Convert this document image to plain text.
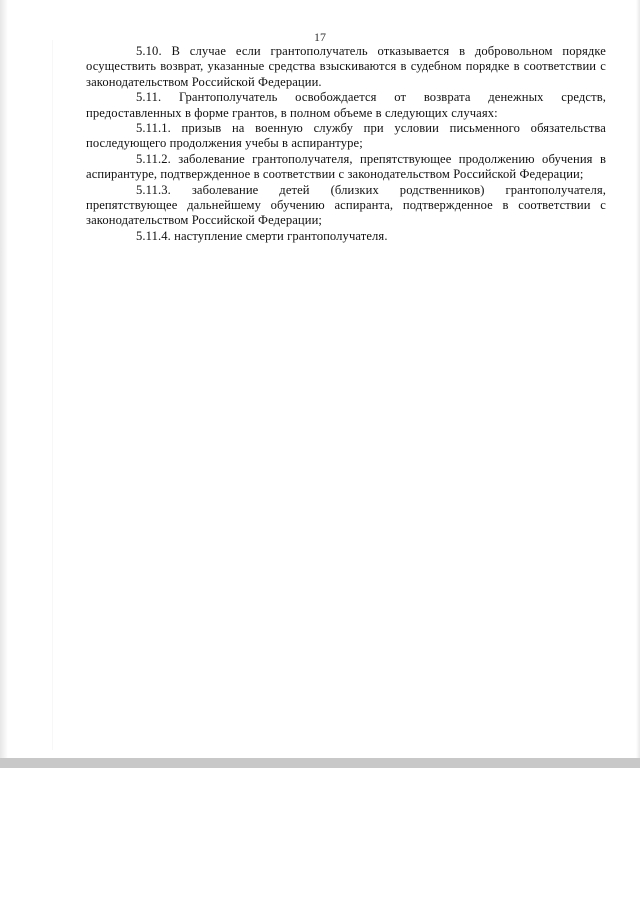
17

5.10. В случае если грантополучатель отказывается в добровольном порядке осуществить возврат, указанные средства взыскиваются в судебном порядке в соответствии с законодательством Российской Федерации.

5.11. Грантополучатель освобождается от возврата денежных средств, предоставленных в форме грантов, в полном объеме в следующих случаях:

5.11.1. призыв на военную службу при условии письменного обязательства последующего продолжения учебы в аспирантуре;

5.11.2. заболевание грантополучателя, препятствующее продолжению обучения в аспирантуре, подтвержденное в соответствии с законодательством Российской Федерации;

5.11.3. заболевание детей (близких родственников) грантополучателя, препятствующее дальнейшему обучению аспиранта, подтвержденное в соответствии с законодательством Российской Федерации;

5.11.4. наступление смерти грантополучателя.
